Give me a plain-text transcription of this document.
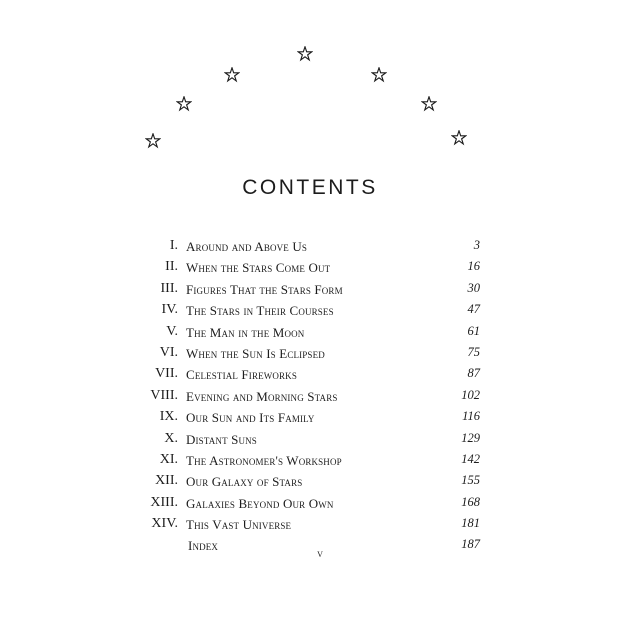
CONTENTS
I. Around and Above Us	3
II. When the Stars Come Out	16
III. Figures That the Stars Form	30
IV. The Stars in Their Courses	47
V. The Man in the Moon	61
VI. When the Sun Is Eclipsed	75
VII. Celestial Fireworks	87
VIII. Evening and Morning Stars	102
IX. Our Sun and Its Family	116
X. Distant Suns	129
XI. The Astronomer's Workshop	142
XII. Our Galaxy of Stars	155
XIII. Galaxies Beyond Our Own	168
XIV. This Vast Universe	181
Index	187
v
